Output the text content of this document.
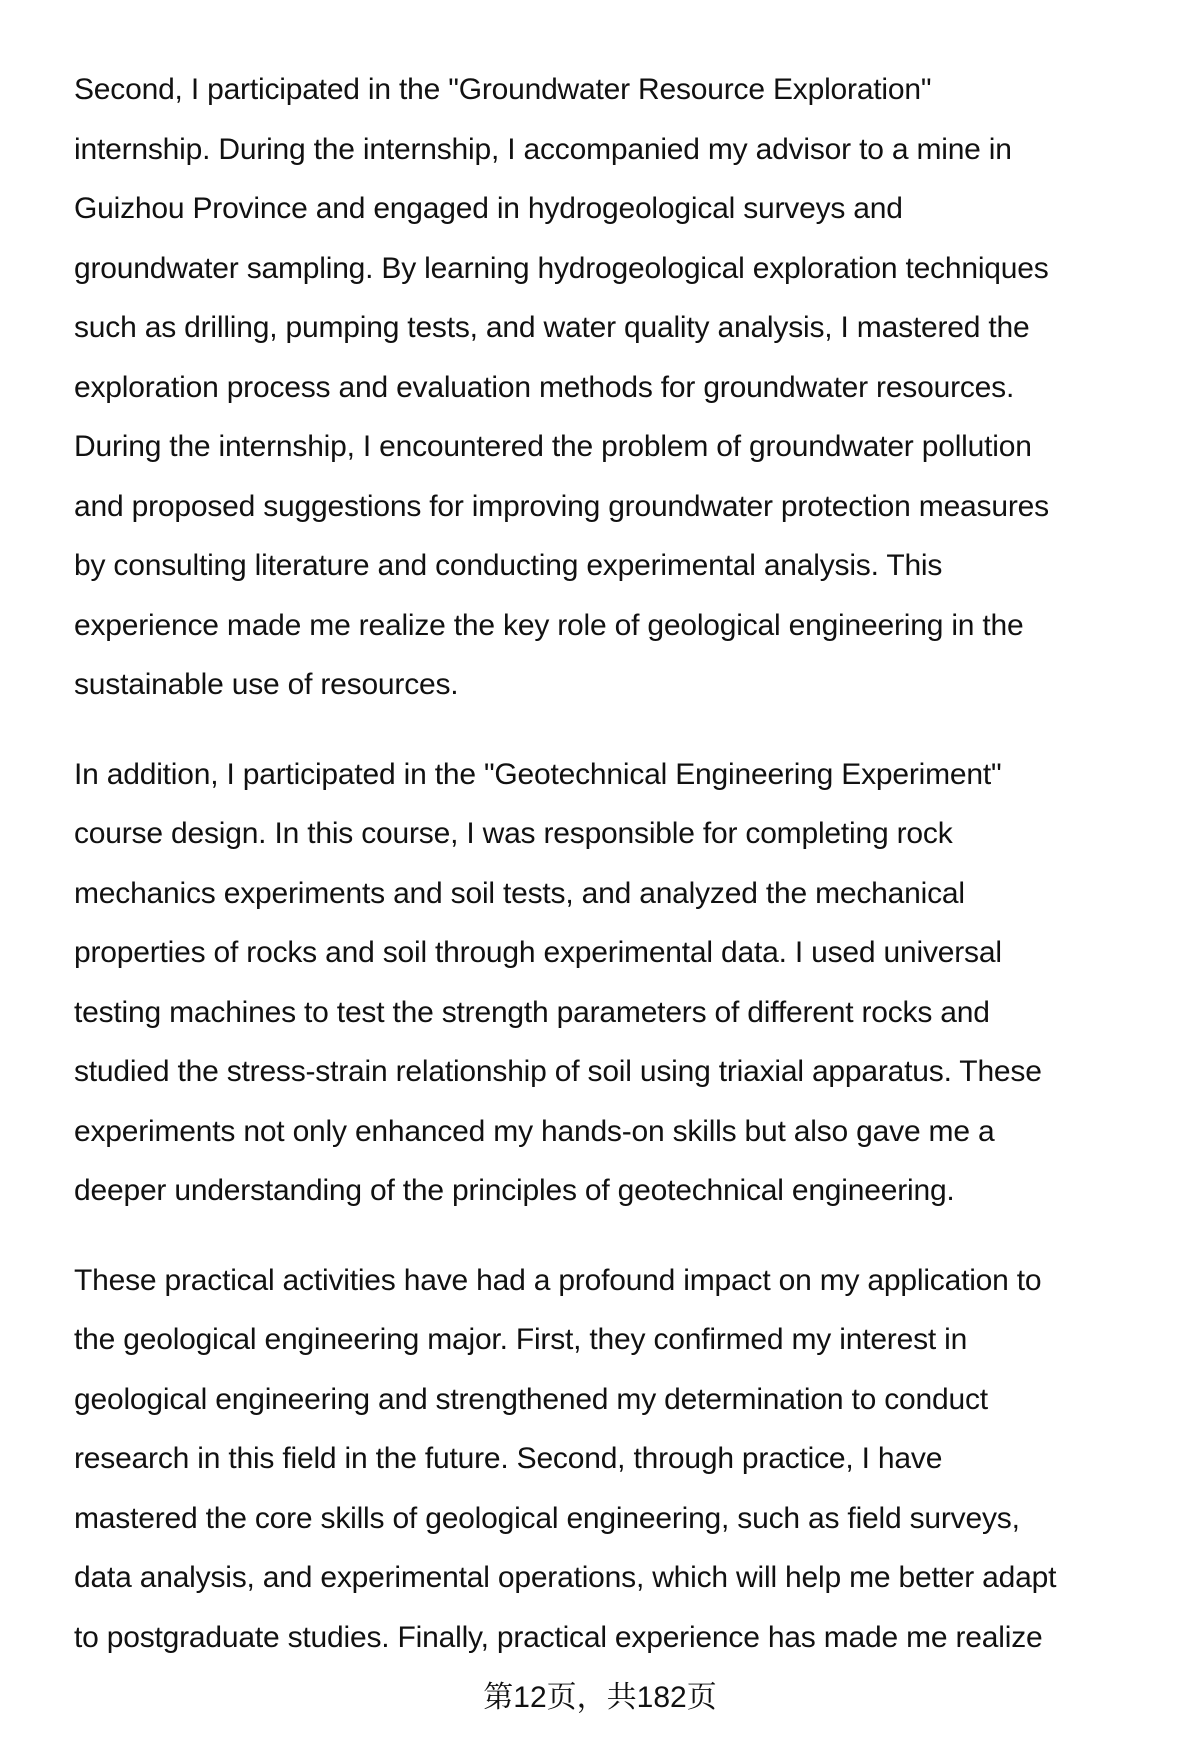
Second, I participated in the "Groundwater Resource Exploration"
internship. During the internship, I accompanied my advisor to a mine in
Guizhou Province and engaged in hydrogeological surveys and
groundwater sampling. By learning hydrogeological exploration techniques
such as drilling, pumping tests, and water quality analysis, I mastered the
exploration process and evaluation methods for groundwater resources.
During the internship, I encountered the problem of groundwater pollution
and proposed suggestions for improving groundwater protection measures
by consulting literature and conducting experimental analysis. This
experience made me realize the key role of geological engineering in the
sustainable use of resources.

In addition, I participated in the "Geotechnical Engineering Experiment"
course design. In this course, I was responsible for completing rock
mechanics experiments and soil tests, and analyzed the mechanical
properties of rocks and soil through experimental data. I used universal
testing machines to test the strength parameters of different rocks and
studied the stress-strain relationship of soil using triaxial apparatus. These
experiments not only enhanced my hands-on skills but also gave me a
deeper understanding of the principles of geotechnical engineering.

These practical activities have had a profound impact on my application to
the geological engineering major. First, they confirmed my interest in
geological engineering and strengthened my determination to conduct
research in this field in the future. Second, through practice, I have
mastered the core skills of geological engineering, such as field surveys,
data analysis, and experimental operations, which will help me better adapt
to postgraduate studies. Finally, practical experience has made me realize

第12页，共182页
